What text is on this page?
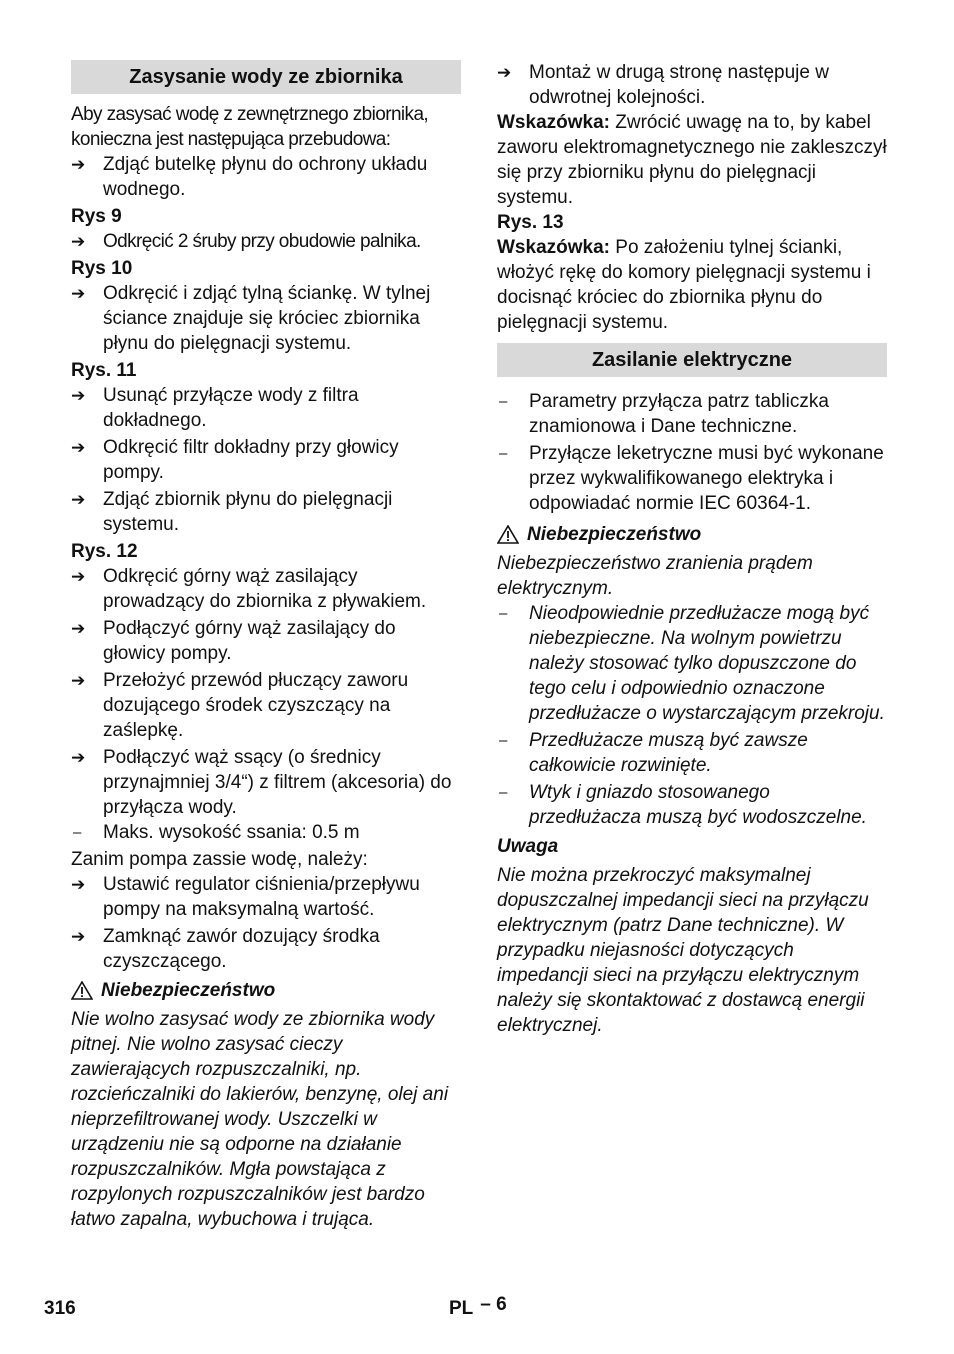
Zasysanie wody ze zbiornika

Aby zasysać wodę z zewnętrznego zbiornika, konieczna jest następująca przebudowa:

➔ Zdjąć butelkę płynu do ochrony układu wodnego.
Rys 9
➔ Odkręcić 2 śruby przy obudowie palnika.
Rys 10
➔ Odkręcić i zdjąć tylną ściankę. W tylnej ściance znajduje się króciec zbiornika płynu do pielęgnacji systemu.
Rys. 11
➔ Usunąć przyłącze wody z filtra dokładnego.
➔ Odkręcić filtr dokładny przy głowicy pompy.
➔ Zdjąć zbiornik płynu do pielęgnacji systemu.
Rys. 12
➔ Odkręcić górny wąż zasilający prowadzący do zbiornika z pływakiem.
➔ Podłączyć górny wąż zasilający do głowicy pompy.
➔ Przełożyć przewód płuczący zaworu dozującego środek czyszczący na zaślepkę.
➔ Podłączyć wąż ssący (o średnicy przynajmniej 3/4“) z filtrem (akcesoria) do przyłącza wody.
–	Maks. wysokość ssania: 0.5 m

Zanim pompa zassie wodę, należy:

➔ Ustawić regulator ciśnienia/przepływu pompy na maksymalną wartość.
➔ Zamknąć zawór dozujący środka czyszczącego.
Niebezpieczeństwo

Nie wolno zasysać wody ze zbiornika wody pitnej. Nie wolno zasysać cieczy zawierających rozpuszczalniki, np. rozcieńczalniki do lakierów, benzynę, olej ani nieprzefiltrowanej wody. Uszczelki w urządzeniu nie są odporne na działanie rozpuszczalników. Mgła powstająca z rozpylonych rozpuszczalników jest bardzo łatwo zapalna, wybuchowa i trująca.

➔ Montaż w drugą stronę następuje w odwrotnej kolejności.

Wskazówka: Zwrócić uwagę na to, by kabel zaworu elektromagnetycznego nie zakleszczył się przy zbiorniku płynu do pielęgnacji systemu.

Rys. 13

Wskazówka: Po założeniu tylnej ścianki, włożyć rękę do komory pielęgnacji systemu i docisnąć króciec do zbiornika płynu do pielęgnacji systemu.

Zasilanie elektryczne
–	Parametry przyłącza patrz tabliczka znamionowa i Dane techniczne.
–	Przyłącze leketryczne musi być wykonane przez wykwalifikowanego elektryka i odpowiadać normie IEC 60364-1.
Niebezpieczeństwo

Niebezpieczeństwo zranienia prądem elektrycznym.

–	Nieodpowiednie przedłużacze mogą być niebezpieczne. Na wolnym powietrzu należy stosować tylko dopuszczone do tego celu i odpowiednio oznaczone przedłużacze o wystarczającym przekroju.
–	Przedłużacze muszą być zawsze całkowicie rozwinięte.
–	Wtyk i gniazdo stosowanego przedłużacza muszą być wodoszczelne.
Uwaga

Nie można przekroczyć maksymalnej dopuszczalnej impedancji sieci na przyłączu elektrycznym (patrz Dane techniczne). W przypadku niejasności dotyczących impedancji sieci na przyłączu elektrycznym należy się skontaktować z dostawcą energii elektrycznej.

316	PL – 6
